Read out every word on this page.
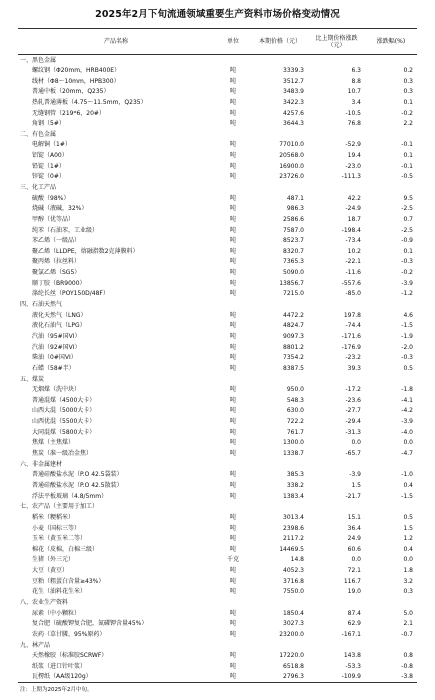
2025年2月下旬流通领域重要生产资料市场价格变动情况
产品名称	单位	本期价格（元）	比上期价格涨跌（元）	涨跌幅(%)
一、黑色金属				
螺纹钢（Φ20mm，HRB400E）	吨	3339.3	6.3	0.2
线材（Φ8～10mm，HPB300）	吨	3512.7	8.8	0.3
普通中板（20mm，Q235）	吨	3483.9	10.7	0.3
热轧普通薄板（4.75～11.5mm，Q235）	吨	3422.3	3.4	0.1
无缝钢管（219*6，20#）	吨	4257.6	-10.5	-0.2
角钢（5#）	吨	3644.3	76.8	2.2
二、有色金属				
电解铜（1#）	吨	77010.0	-52.9	-0.1
铝锭（A00）	吨	20568.0	19.4	0.1
铅锭（1#）	吨	16900.0	-23.0	-0.1
锌锭（0#）	吨	23726.0	-111.3	-0.5
三、化工产品				
硫酸（98%）	吨	487.1	42.2	9.5
烧碱（液碱，32%）	吨	986.3	-24.9	-2.5
甲醇（优等品）	吨	2586.6	18.7	0.7
纯苯（石油苯，工业级）	吨	7587.0	-198.4	-2.5
苯乙烯（一级品）	吨	8523.7	-73.4	-0.9
聚乙烯（LLDPE，熔融指数2克薄膜料）	吨	8320.7	10.2	0.1
聚丙烯（拉丝料）	吨	7365.3	-22.1	-0.3
聚氯乙烯（SG5）	吨	5090.0	-11.6	-0.2
顺丁胶（BR9000）	吨	13856.7	-557.6	-3.9
涤纶长丝（POY150D/48F）	吨	7215.0	-85.0	-1.2
四、石油天然气				
液化天然气（LNG）	吨	4472.2	197.8	4.6
液化石油气（LPG）	吨	4824.7	-74.4	-1.5
汽油（95#国VI）	吨	9097.3	-171.6	-1.9
汽油（92#国VI）	吨	8801.2	-176.9	-2.0
柴油（0#国VI）	吨	7354.2	-23.2	-0.3
石蜡（58#半）	吨	8387.5	39.3	0.5
五、煤炭				
无烟煤（洗中块）	吨	950.0	-17.2	-1.8
普通混煤（4500大卡）	吨	548.3	-23.6	-4.1
山西大混（5000大卡）	吨	630.0	-27.7	-4.2
山西优混（5500大卡）	吨	722.2	-29.4	-3.9
大同混煤（5800大卡）	吨	761.7	-31.3	-4.0
焦煤（主焦煤）	吨	1300.0	0.0	0.0
焦炭（准一级冶金焦）	吨	1338.7	-65.7	-4.7
六、非金属建材				
普通硅酸盐水泥（P.O 42.5袋装）	吨	385.3	-3.9	-1.0
普通硅酸盐水泥（P.O 42.5散装）	吨	338.2	1.5	0.4
浮法平板玻璃（4.8/5mm）	吨	1383.4	-21.7	-1.5
七、农产品（主要用于加工）				
稻米（粳稻米）	吨	3013.4	15.1	0.5
小麦（国标三等）	吨	2398.6	36.4	1.5
玉米（黄玉米二等）	吨	2117.2	24.9	1.2
棉花（皮棉，白棉三级）	吨	14469.5	60.6	0.4
生猪（外三元）	千克	14.8	0.0	0.0
大豆（黄豆）	吨	4052.3	72.1	1.8
豆粕（粗蛋白含量≥43%）	吨	3716.8	116.7	3.2
花生（油料花生米）	吨	7550.0	19.0	0.3
八、农业生产资料				
尿素（中小颗粒）	吨	1850.4	87.4	5.0
复合肥（硫酸钾复合肥，氮磷钾含量45%）	吨	3027.3	62.9	2.1
农药（草甘膦，95%原药）	吨	23200.0	-167.1	-0.7
九、林产品				
天然橡胶（标准胶SCRWF）	吨	17220.0	143.8	0.8
纸浆（进口针叶浆）	吨	6518.8	-53.3	-0.8
瓦楞纸（AA级120g）	吨	2796.3	-109.9	-3.8
注：上期为2025年2月中旬。
